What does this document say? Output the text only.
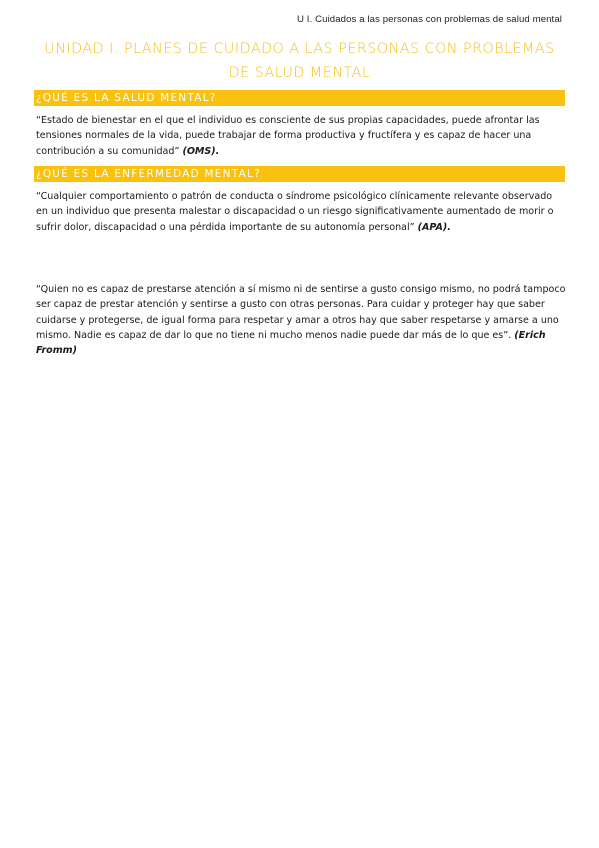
U I. Cuidados a las personas con problemas de salud mental
UNIDAD I. PLANES DE CUIDADO A LAS PERSONAS CON PROBLEMAS DE SALUD MENTAL
¿QUÉ ES LA SALUD MENTAL?
“Estado de bienestar en el que el individuo es consciente de sus propias capacidades, puede afrontar las tensiones normales de la vida, puede trabajar de forma productiva y fructífera y es capaz de hacer una contribución a su comunidad” (OMS).
¿QUÉ ES LA ENFERMEDAD MENTAL?
“Cualquier comportamiento o patrón de conducta o síndrome psicológico clínicamente relevante observado en un individuo que presenta malestar o discapacidad o un riesgo significativamente aumentado de morir o sufrir dolor, discapacidad o una pérdida importante de su autonomía personal” (APA).
“Quien no es capaz de prestarse atención a sí mismo ni de sentirse a gusto consigo mismo, no podrá tampoco ser capaz de prestar atención y sentirse a gusto con otras personas. Para cuidar y proteger hay que saber cuidarse y protegerse, de igual forma para respetar y amar a otros hay que saber respetarse y amarse a uno mismo. Nadie es capaz de dar lo que no tiene ni mucho menos nadie puede dar más de lo que es”. (Erich Fromm)
